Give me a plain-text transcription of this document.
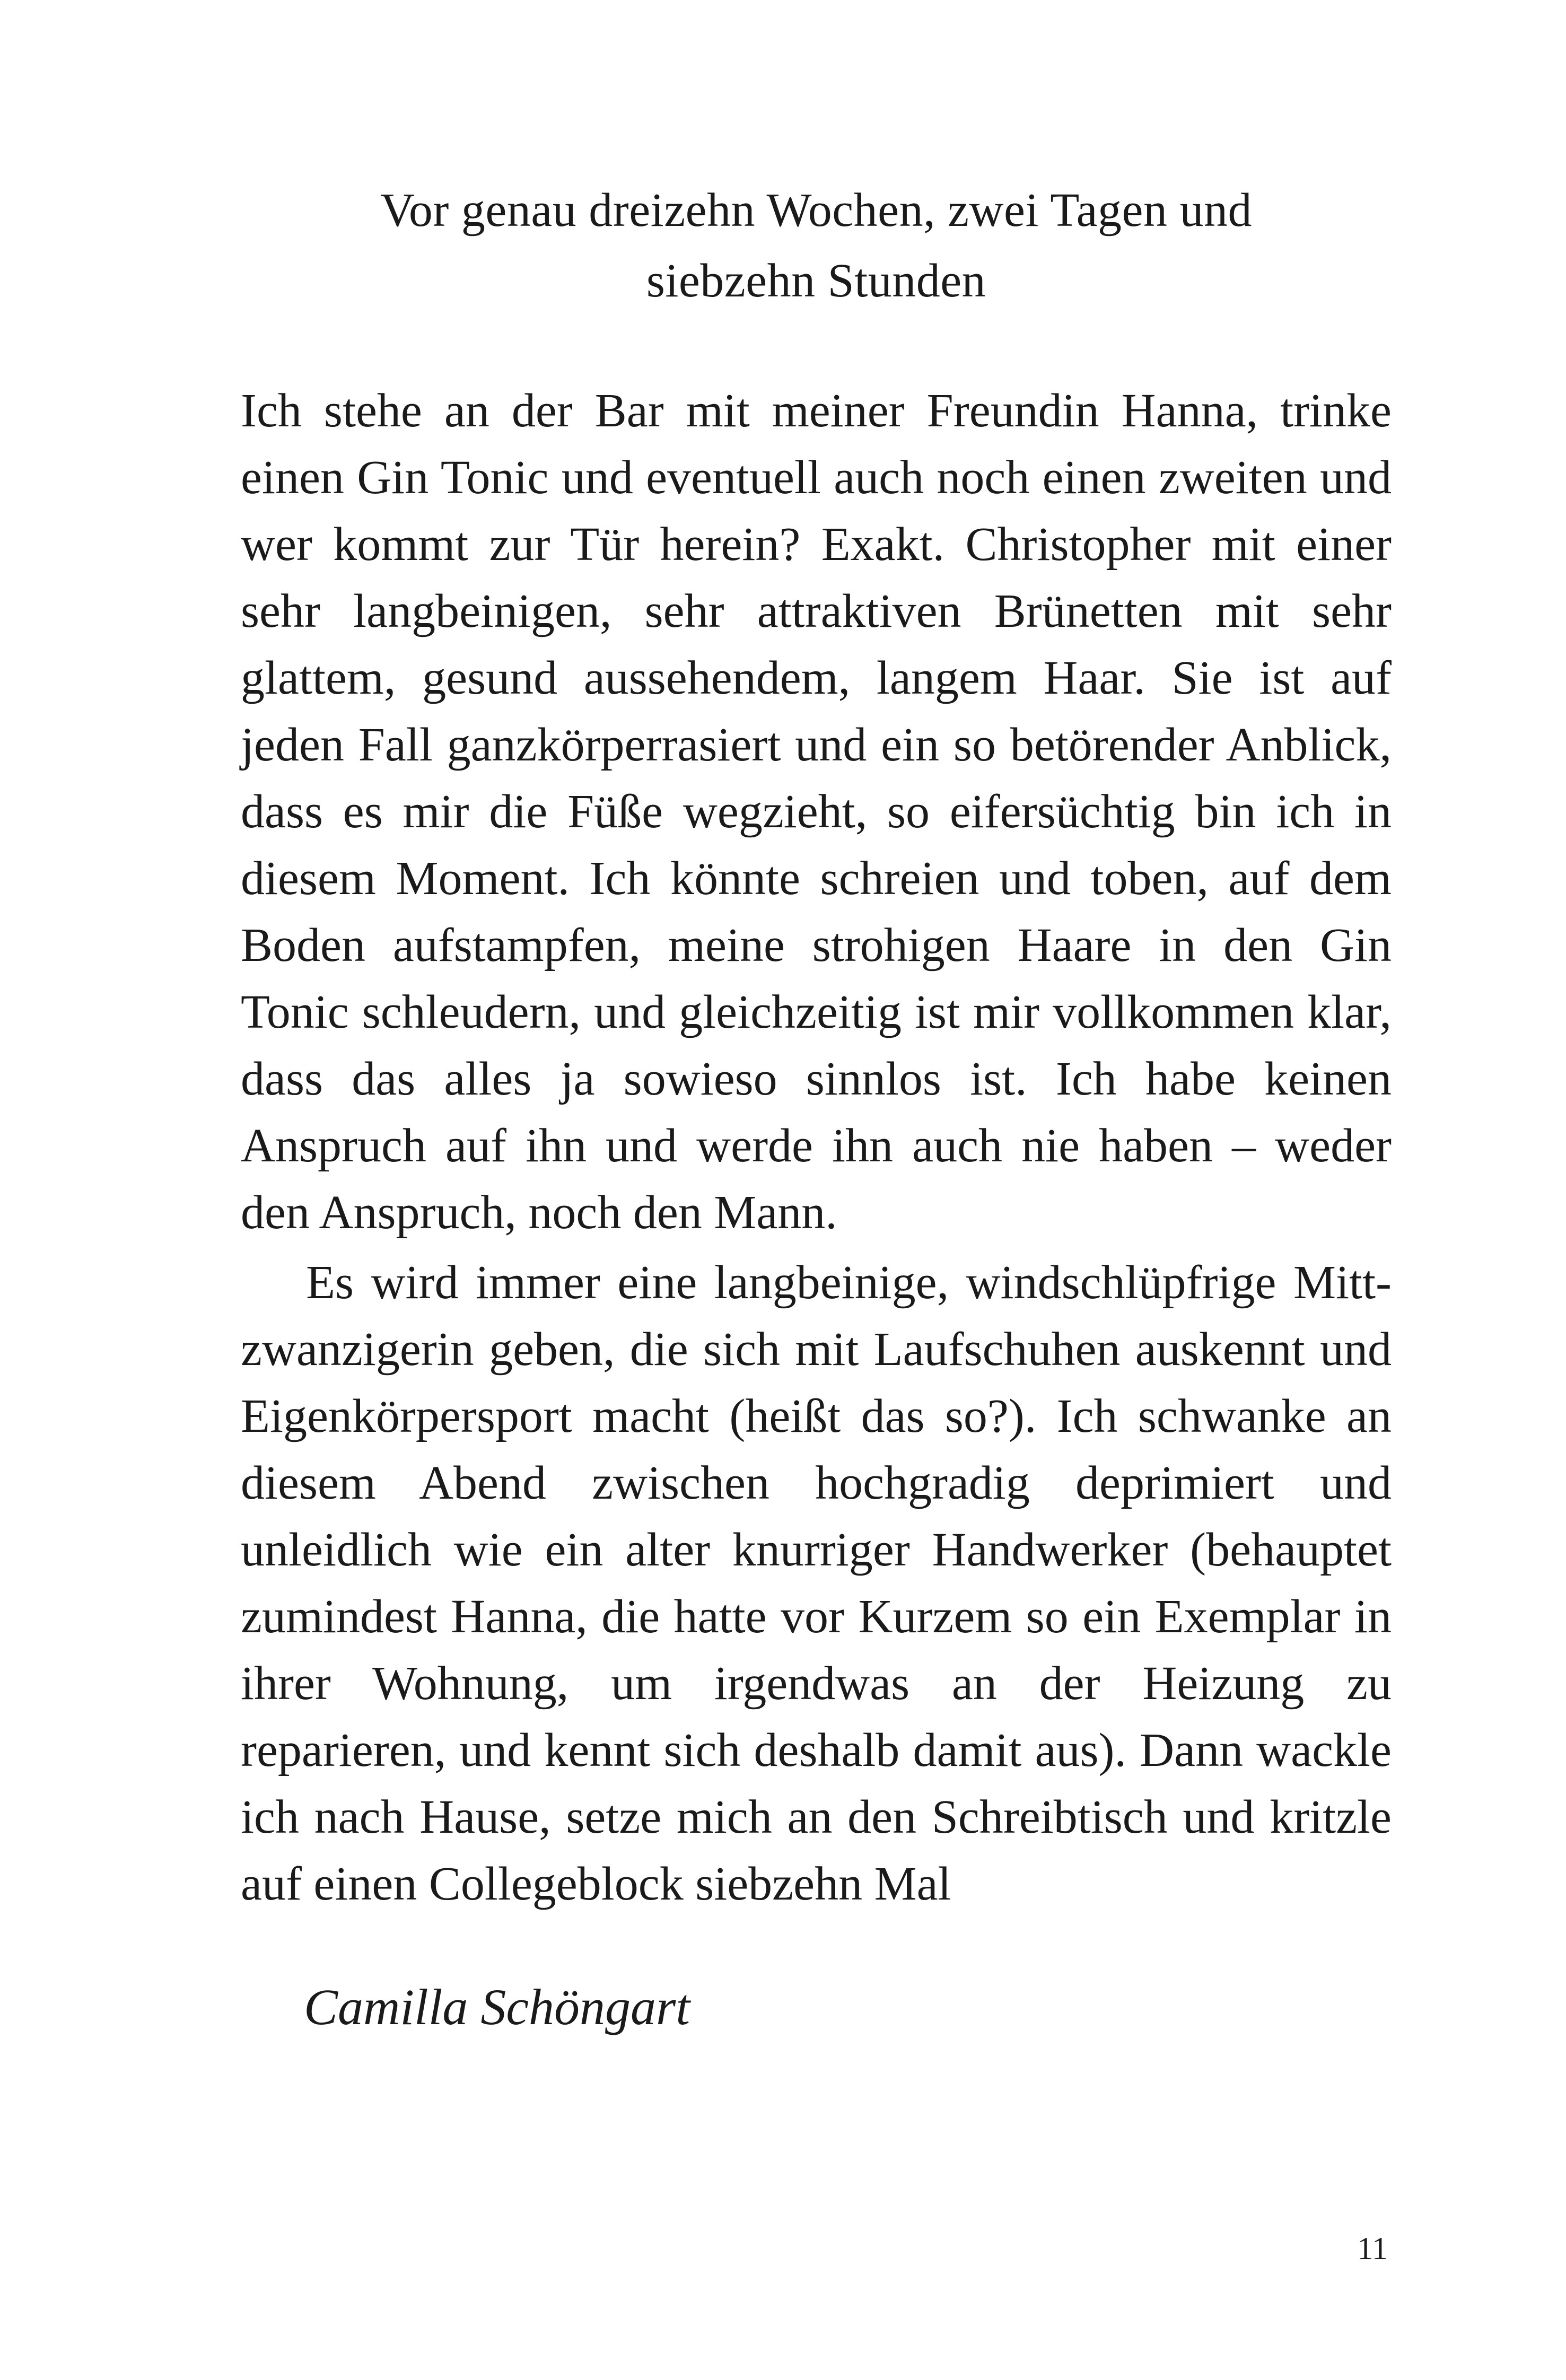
Vor genau dreizehn Wochen, zwei Tagen und
siebzehn Stunden

Ich stehe an der Bar mit meiner Freundin Hanna, trinke einen Gin Tonic und eventuell auch noch einen zweiten und wer kommt zur Tür herein? Exakt. Christopher mit einer sehr langbeinigen, sehr attraktiven Brünetten mit sehr glattem, gesund aussehendem, langem Haar. Sie ist auf jeden Fall ganzkörperrasiert und ein so betörender Anblick, dass es mir die Füße wegzieht, so eifersüchtig bin ich in diesem Moment. Ich könnte schreien und toben, auf dem Boden aufstampfen, meine strohigen Haare in den Gin Tonic schleudern, und gleichzeitig ist mir vollkommen klar, dass das alles ja sowieso sinnlos ist. Ich habe keinen Anspruch auf ihn und werde ihn auch nie haben – weder den Anspruch, noch den Mann.

Es wird immer eine langbeinige, windschlüpfrige Mittzwanzigerin geben, die sich mit Laufschuhen auskennt und Eigenkörpersport macht (heißt das so?). Ich schwanke an diesem Abend zwischen hochgradig deprimiert und unleidlich wie ein alter knurriger Handwerker (behauptet zumindest Hanna, die hatte vor Kurzem so ein Exemplar in ihrer Wohnung, um irgendwas an der Heizung zu reparieren, und kennt sich deshalb damit aus). Dann wackle ich nach Hause, setze mich an den Schreibtisch und kritzle auf einen Collegeblock siebzehn Mal

Camilla Schöngart
11
